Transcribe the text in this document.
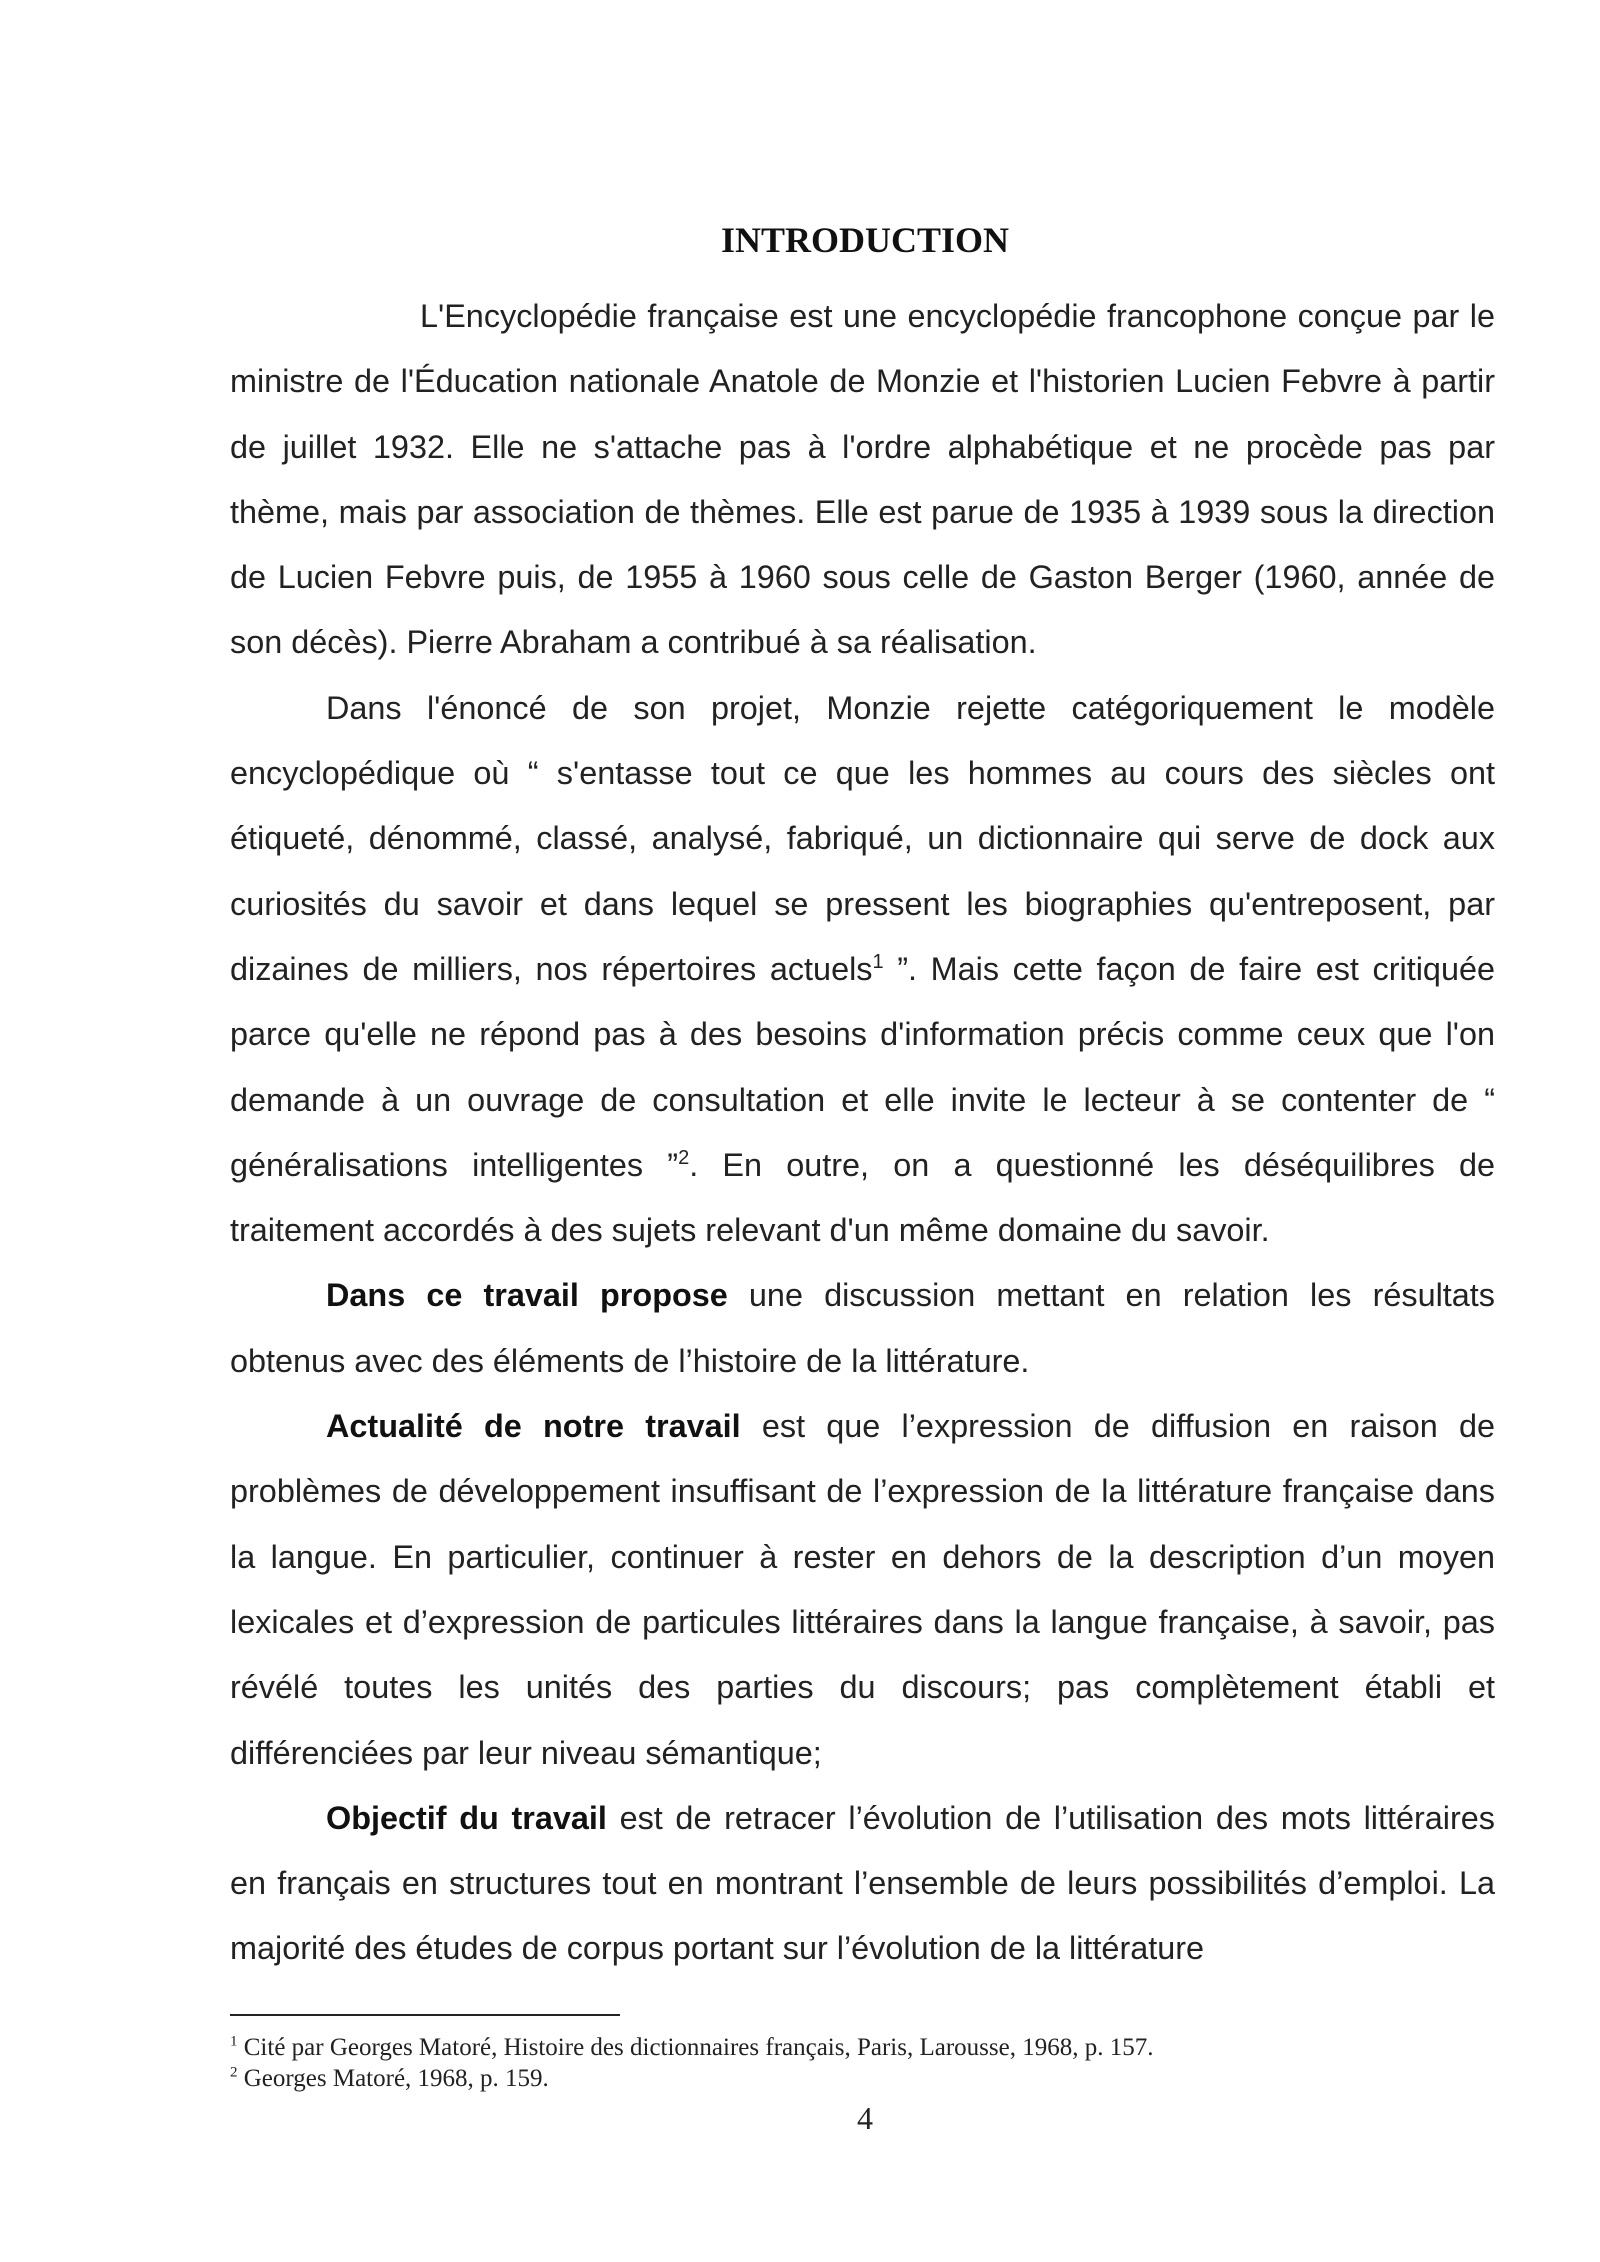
INTRODUCTION

L'Encyclopédie française est une encyclopédie francophone conçue par le ministre de l'Éducation nationale Anatole de Monzie et l'historien Lucien Febvre à partir de juillet 1932. Elle ne s'attache pas à l'ordre alphabétique et ne procède pas par thème, mais par association de thèmes. Elle est parue de 1935 à 1939 sous la direction de Lucien Febvre puis, de 1955 à 1960 sous celle de Gaston Berger (1960, année de son décès). Pierre Abraham a contribué à sa réalisation.

Dans l'énoncé de son projet, Monzie rejette catégoriquement le modèle encyclopédique où “ s'entasse tout ce que les hommes au cours des siècles ont étiqueté, dénommé, classé, analysé, fabriqué, un dictionnaire qui serve de dock aux curiosités du savoir et dans lequel se pressent les biographies qu'entreposent, par dizaines de milliers, nos répertoires actuels$^1$ ”. Mais cette façon de faire est critiquée parce qu'elle ne répond pas à des besoins d'information précis comme ceux que l'on demande à un ouvrage de consultation et elle invite le lecteur à se contenter de “ généralisations intelligentes ”$^2$. En outre, on a questionné les déséquilibres de traitement accordés à des sujets relevant d'un même domaine du savoir.

Dans ce travail propose une discussion mettant en relation les résultats obtenus avec des éléments de l’histoire de la littérature.

Actualité de notre travail est que l’expression de diffusion en raison de problèmes de développement insuffisant de l’expression de la littérature française dans la langue. En particulier, continuer à rester en dehors de la description d’un moyen lexicales et d’expression de particules littéraires dans la langue française, à savoir, pas révélé toutes les unités des parties du discours; pas complètement établi et différenciées par leur niveau sémantique;

Objectif du travail est de retracer l’évolution de l’utilisation des mots littéraires en français en structures tout en montrant l’ensemble de leurs possibilités d’emploi. La majorité des études de corpus portant sur l’évolution de la littérature

$^1$ Cité par Georges Matoré, Histoire des dictionnaires français, Paris, Larousse, 1968, p. 157.
$^2$ Georges Matoré, 1968, p. 159.
4
